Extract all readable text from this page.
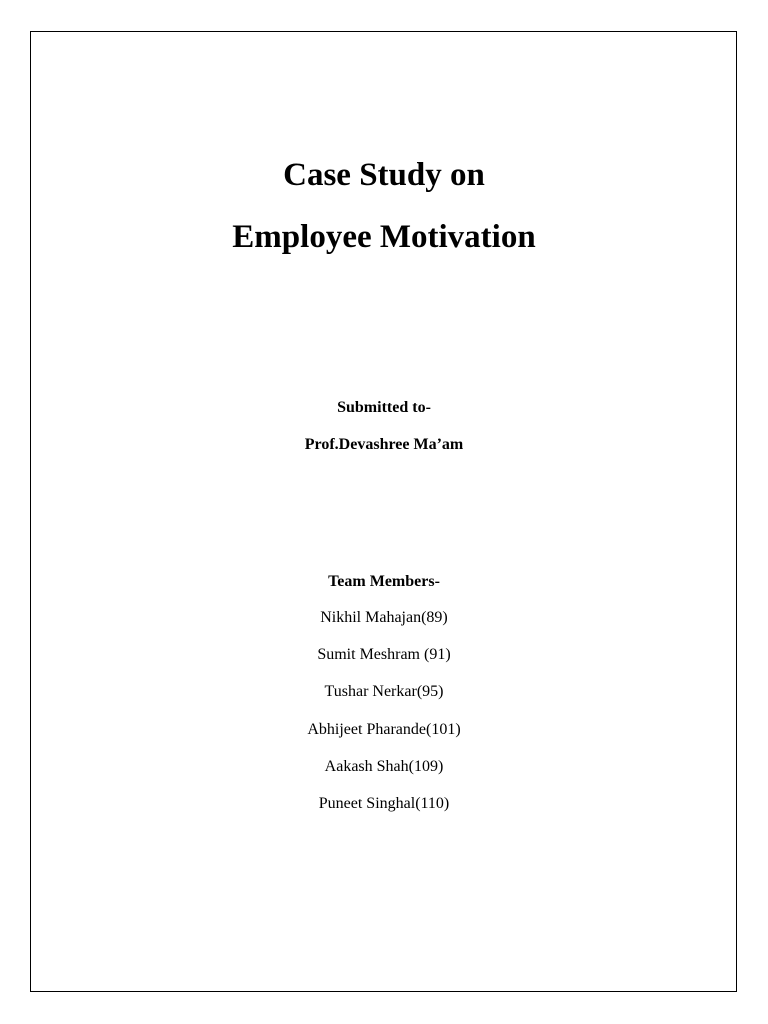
Case Study on
Employee Motivation
Submitted to-
Prof.Devashree Ma’am
Team Members-
Nikhil Mahajan(89)
Sumit Meshram (91)
Tushar Nerkar(95)
Abhijeet Pharande(101)
Aakash Shah(109)
Puneet Singhal(110)
